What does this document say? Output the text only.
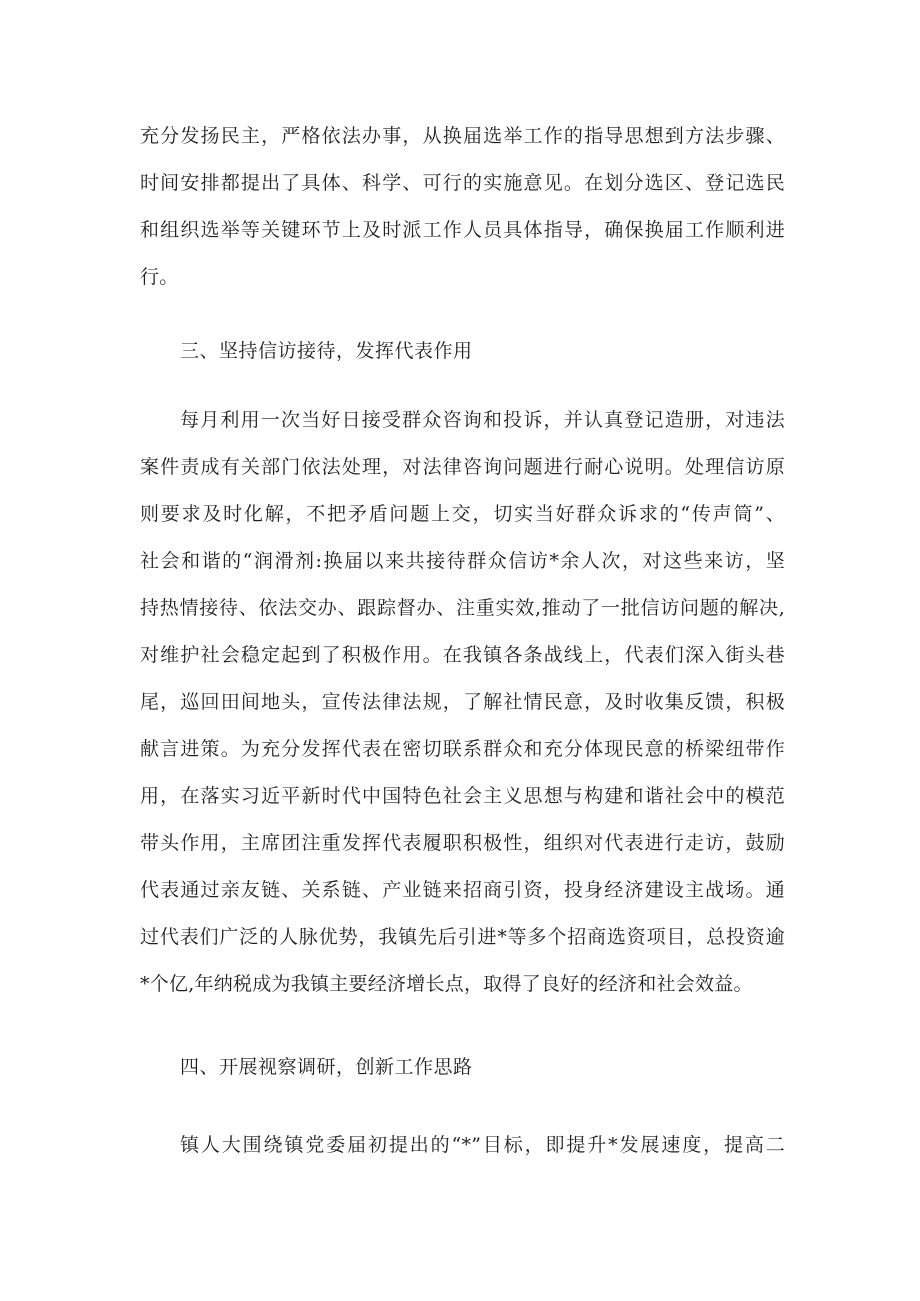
充分发扬民主，严格依法办事，从换届选举工作的指导思想到方法步骤、
时间安排都提出了具体、科学、可行的实施意见。在划分选区、登记选民
和组织选举等关键环节上及时派工作人员具体指导，确保换届工作顺利进
行。
三、坚持信访接待，发挥代表作用
每月利用一次当好日接受群众咨询和投诉，并认真登记造册，对违法
案件责成有关部门依法处理，对法律咨询问题进行耐心说明。处理信访原
则要求及时化解，不把矛盾问题上交，切实当好群众诉求的“传声筒”、
社会和谐的“润滑剂:换届以来共接待群众信访*余人次，对这些来访，坚
持热情接待、依法交办、跟踪督办、注重实效,推动了一批信访问题的解决,
对维护社会稳定起到了积极作用。在我镇各条战线上，代表们深入街头巷
尾，巡回田间地头，宣传法律法规，了解社情民意，及时收集反馈，积极
献言进策。为充分发挥代表在密切联系群众和充分体现民意的桥梁纽带作
用，在落实习近平新时代中国特色社会主义思想与构建和谐社会中的模范
带头作用，主席团注重发挥代表履职积极性，组织对代表进行走访，鼓励
代表通过亲友链、关系链、产业链来招商引资，投身经济建设主战场。通
过代表们广泛的人脉优势，我镇先后引进*等多个招商选资项目，总投资逾
*个亿,年纳税成为我镇主要经济增长点，取得了良好的经济和社会效益。
四、开展视察调研，创新工作思路
镇人大围绕镇党委届初提出的“*”目标，即提升*发展速度，提高二
